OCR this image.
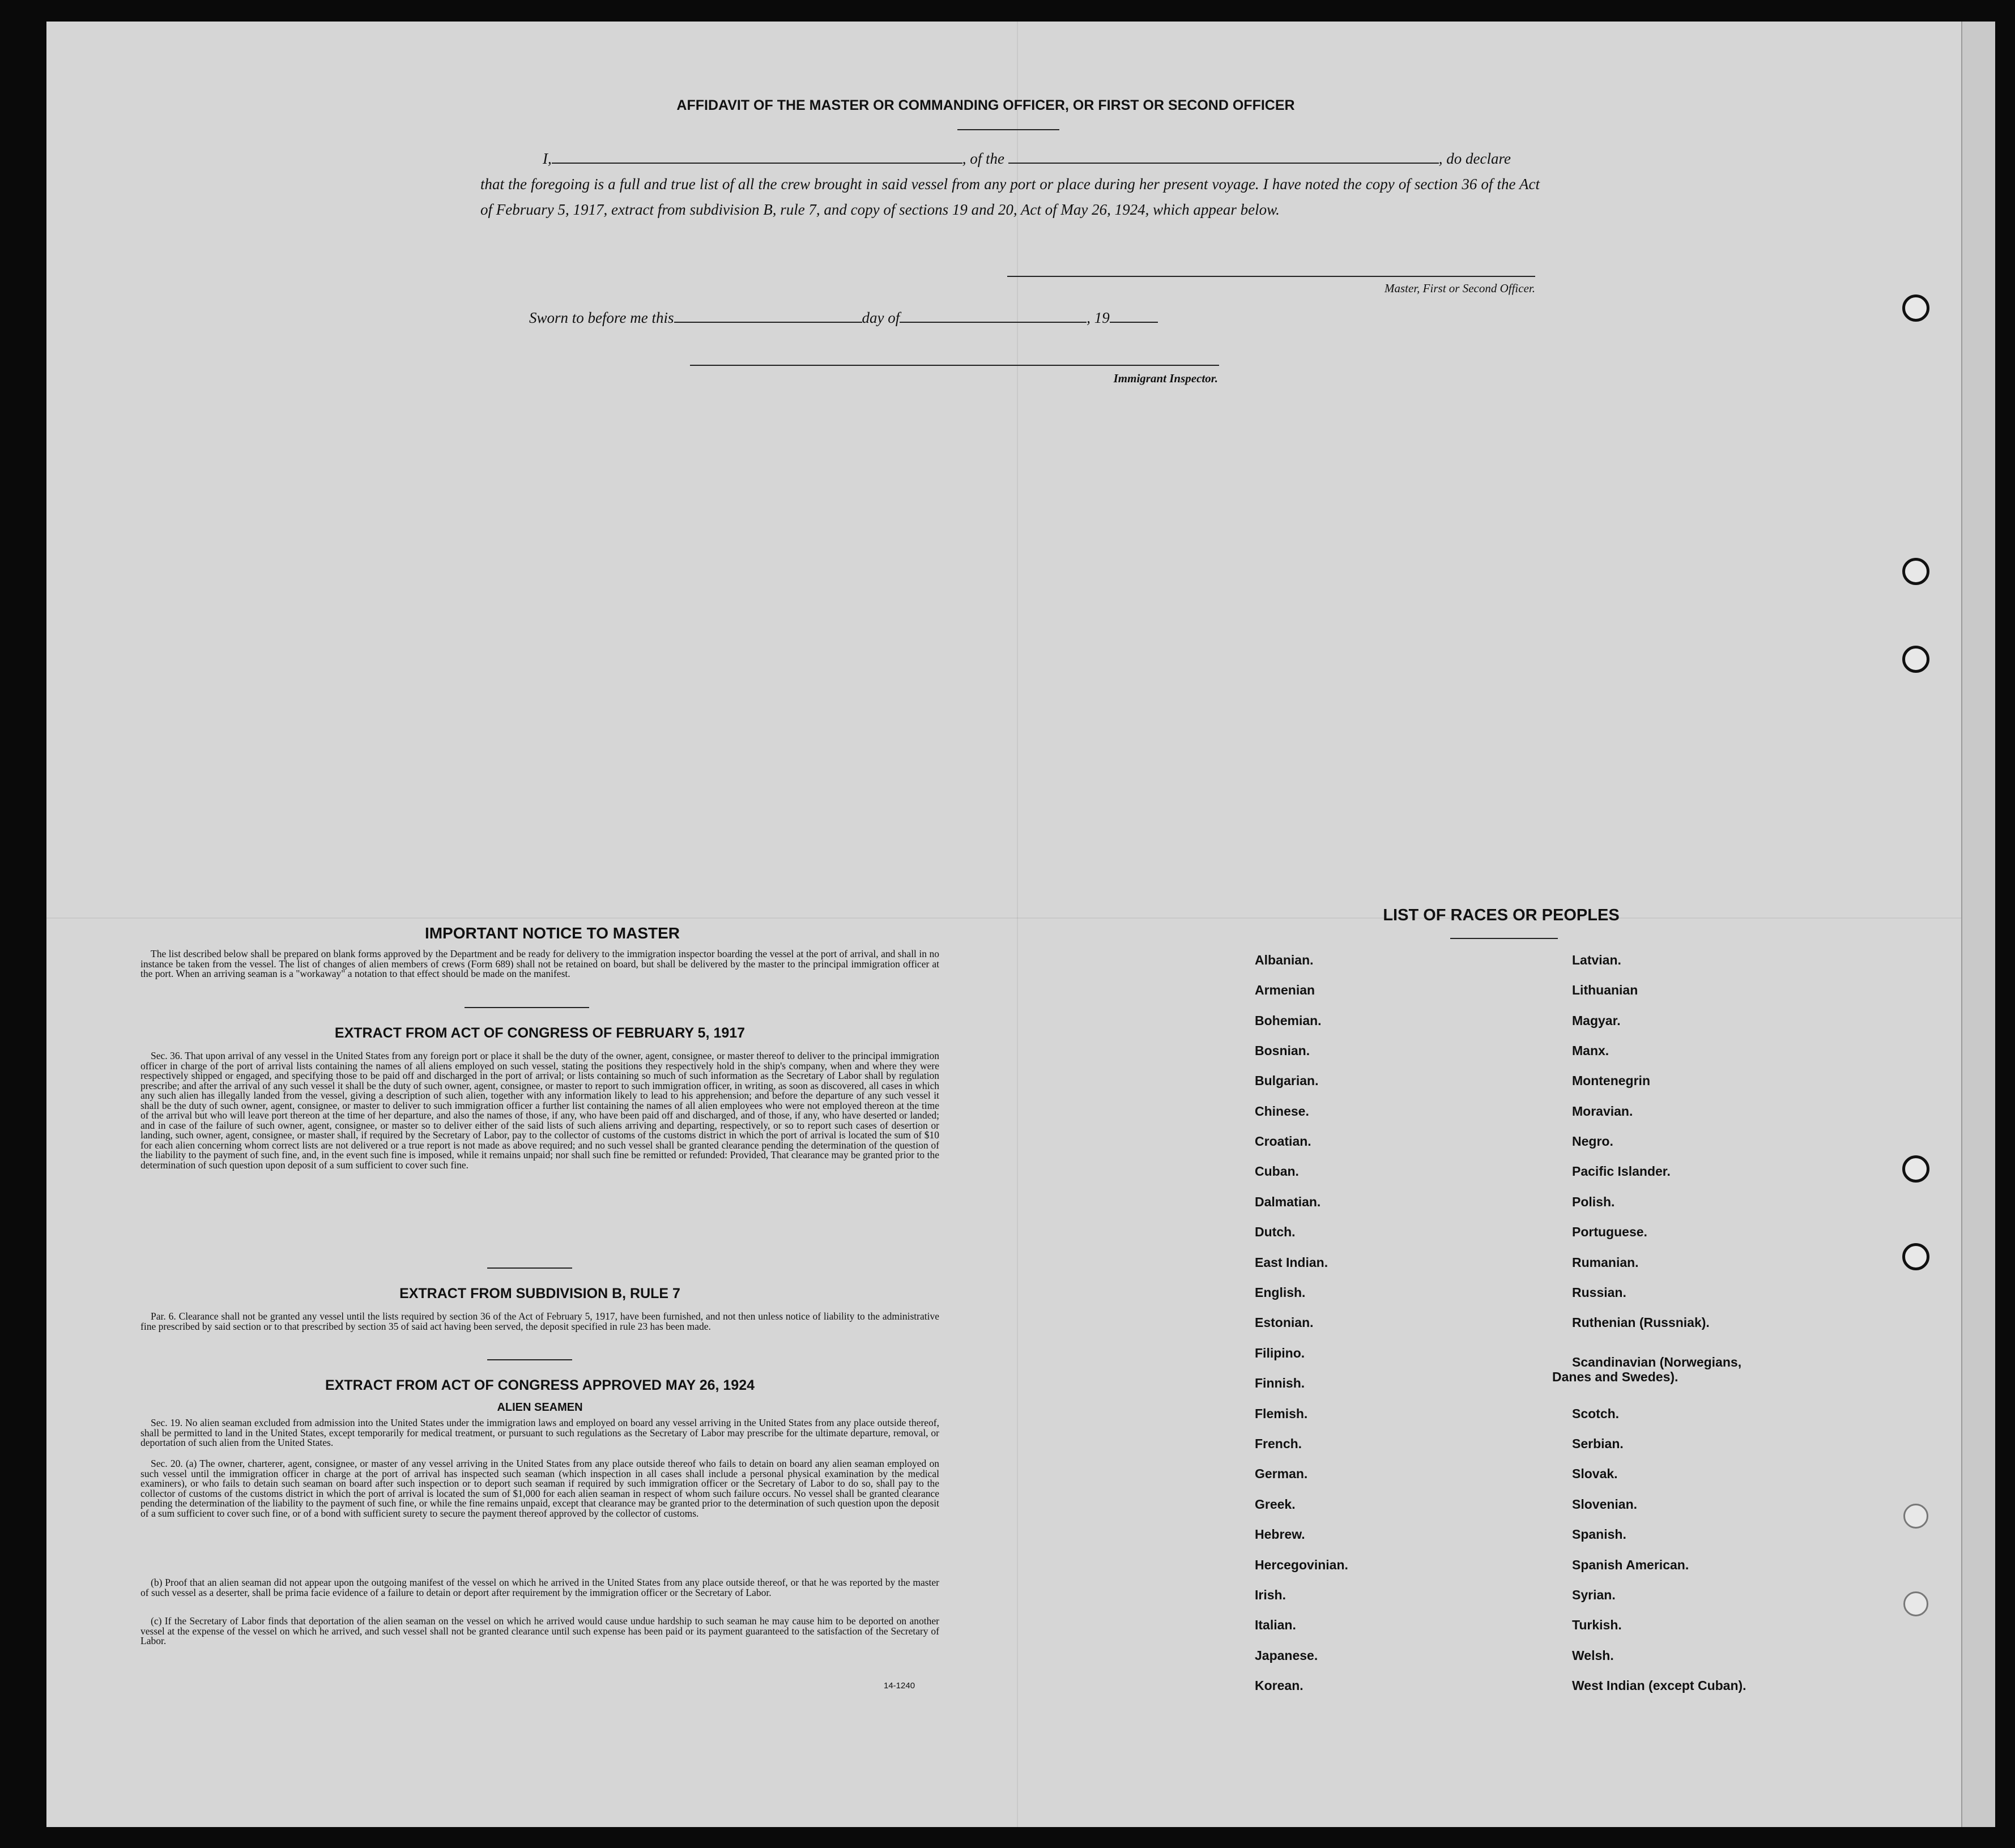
AFFIDAVIT OF THE MASTER OR COMMANDING OFFICER, OR FIRST OR SECOND OFFICER
I,	, of the	, do declare
that the foregoing is a full and true list of all the crew brought in said vessel from any port or place during her present voyage. I have noted the copy of section 36 of the Act of February 5, 1917, extract from subdivision B, rule 7, and copy of sections 19 and 20, Act of May 26, 1924, which appear below.
Master, First or Second Officer.
Sworn to before me this	day of	, 19
Immigrant Inspector.
IMPORTANT NOTICE TO MASTER
The list described below shall be prepared on blank forms approved by the Department and be ready for delivery to the immigration inspector boarding the vessel at the port of arrival, and shall in no instance be taken from the vessel. The list of changes of alien members of crews (Form 689) shall not be retained on board, but shall be delivered by the master to the principal immigration officer at the port. When an arriving seaman is a "workaway" a notation to that effect should be made on the manifest.
EXTRACT FROM ACT OF CONGRESS OF FEBRUARY 5, 1917
Sec. 36. That upon arrival of any vessel in the United States from any foreign port or place it shall be the duty of the owner, agent, consignee, or master thereof to deliver to the principal immigration officer in charge of the port of arrival lists containing the names of all aliens employed on such vessel, stating the positions they respectively hold in the ship's company, when and where they were respectively shipped or engaged, and specifying those to be paid off and discharged in the port of arrival; or lists containing so much of such information as the Secretary of Labor shall by regulation prescribe; and after the arrival of any such vessel it shall be the duty of such owner, agent, consignee, or master to report to such immigration officer, in writing, as soon as discovered, all cases in which any such alien has illegally landed from the vessel, giving a description of such alien, together with any information likely to lead to his apprehension; and before the departure of any such vessel it shall be the duty of such owner, agent, consignee, or master to deliver to such immigration officer a further list containing the names of all alien employees who were not employed thereon at the time of the arrival but who will leave port thereon at the time of her departure, and also the names of those, if any, who have been paid off and discharged, and of those, if any, who have deserted or landed; and in case of the failure of such owner, agent, consignee, or master so to deliver either of the said lists of such aliens arriving and departing, respectively, or so to report such cases of desertion or landing, such owner, agent, consignee, or master shall, if required by the Secretary of Labor, pay to the collector of customs of the customs district in which the port of arrival is located the sum of $10 for each alien concerning whom correct lists are not delivered or a true report is not made as above required; and no such vessel shall be granted clearance pending the determination of the question of the liability to the payment of such fine, and, in the event such fine is imposed, while it remains unpaid; nor shall such fine be remitted or refunded: Provided, That clearance may be granted prior to the determination of such question upon deposit of a sum sufficient to cover such fine.
EXTRACT FROM SUBDIVISION B, RULE 7
Par. 6. Clearance shall not be granted any vessel until the lists required by section 36 of the Act of February 5, 1917, have been furnished, and not then unless notice of liability to the administrative fine prescribed by said section or to that prescribed by section 35 of said act having been served, the deposit specified in rule 23 has been made.
EXTRACT FROM ACT OF CONGRESS APPROVED MAY 26, 1924
ALIEN SEAMEN
Sec. 19. No alien seaman excluded from admission into the United States under the immigration laws and employed on board any vessel arriving in the United States from any place outside thereof, shall be permitted to land in the United States, except temporarily for medical treatment, or pursuant to such regulations as the Secretary of Labor may prescribe for the ultimate departure, removal, or deportation of such alien from the United States.
Sec. 20. (a) The owner, charterer, agent, consignee, or master of any vessel arriving in the United States from any place outside thereof who fails to detain on board any alien seaman employed on such vessel until the immigration officer in charge at the port of arrival has inspected such seaman (which inspection in all cases shall include a personal physical examination by the medical examiners), or who fails to detain such seaman on board after such inspection or to deport such seaman if required by such immigration officer or the Secretary of Labor to do so, shall pay to the collector of customs of the customs district in which the port of arrival is located the sum of $1,000 for each alien seaman in respect of whom such failure occurs. No vessel shall be granted clearance pending the determination of the liability to the payment of such fine, or while the fine remains unpaid, except that clearance may be granted prior to the determination of such question upon the deposit of a sum sufficient to cover such fine, or of a bond with sufficient surety to secure the payment thereof approved by the collector of customs.
(b) Proof that an alien seaman did not appear upon the outgoing manifest of the vessel on which he arrived in the United States from any place outside thereof, or that he was reported by the master of such vessel as a deserter, shall be prima facie evidence of a failure to detain or deport after requirement by the immigration officer or the Secretary of Labor.
(c) If the Secretary of Labor finds that deportation of the alien seaman on the vessel on which he arrived would cause undue hardship to such seaman he may cause him to be deported on another vessel at the expense of the vessel on which he arrived, and such vessel shall not be granted clearance until such expense has been paid or its payment guaranteed to the satisfaction of the Secretary of Labor.
14-1240
LIST OF RACES OR PEOPLES
Albanian.
Armenian
Bohemian.
Bosnian.
Bulgarian.
Chinese.
Croatian.
Cuban.
Dalmatian.
Dutch.
East Indian.
English.
Estonian.
Filipino.
Finnish.
Flemish.
French.
German.
Greek.
Hebrew.
Hercegovinian.
Irish.
Italian.
Japanese.
Korean.
Latvian.
Lithuanian
Magyar.
Manx.
Montenegrin
Moravian.
Negro.
Pacific Islander.
Polish.
Portuguese.
Rumanian.
Russian.
Ruthenian (Russniak).
Scandinavian (Norwegians,
Danes and Swedes).
Scotch.
Serbian.
Slovak.
Slovenian.
Spanish.
Spanish American.
Syrian.
Turkish.
Welsh.
West Indian (except Cuban).
